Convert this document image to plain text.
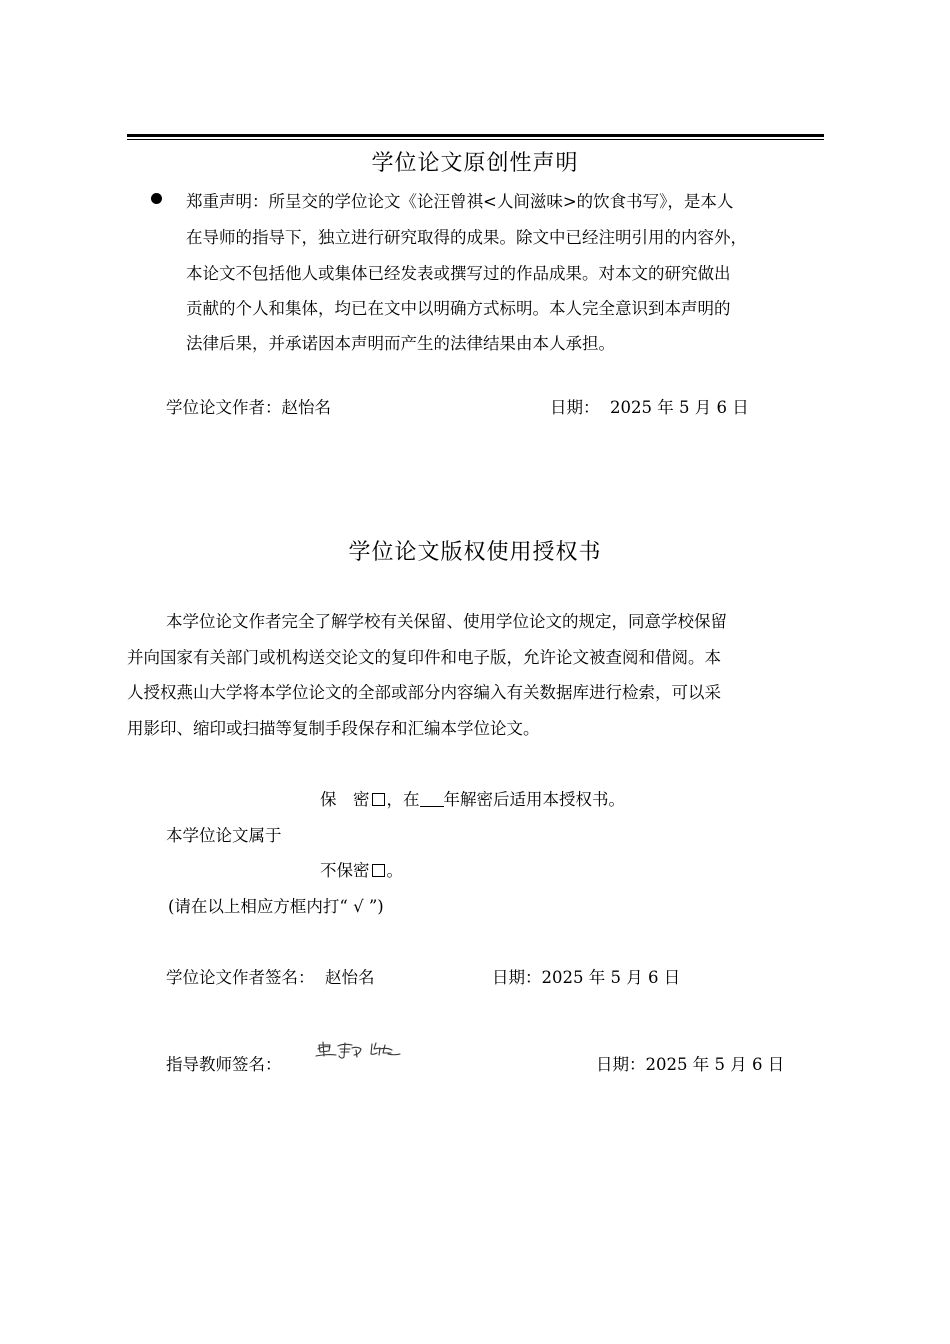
学位论文原创性声明
郑重声明：所呈交的学位论文《论汪曾祺<人间滋味>的饮食书写》，是本人
在导师的指导下，独立进行研究取得的成果。除文中已经注明引用的内容外，
本论文不包括他人或集体已经发表或撰写过的作品成果。对本文的研究做出
贡献的个人和集体，均已在文中以明确方式标明。本人完全意识到本声明的
法律后果，并承诺因本声明而产生的法律结果由本人承担。
学位论文作者：赵怡名	日期： 2025 年 5 月 6 日
学位论文版权使用授权书
本学位论文作者完全了解学校有关保留、使用学位论文的规定，同意学校保留
并向国家有关部门或机构送交论文的复印件和电子版，允许论文被查阅和借阅。本
人授权燕山大学将本学位论文的全部或部分内容编入有关数据库进行检索，可以采
用影印、缩印或扫描等复制手段保存和汇编本学位论文。
保　密 ，在 年解密后适用本授权书。
本学位论文属于
不保密 。
(请在以上相应方框内打“ √ ”)
学位论文作者签名： 赵怡名	日期：2025 年 5 月 6 日
指导教师签名：	日期：2025 年 5 月 6 日
